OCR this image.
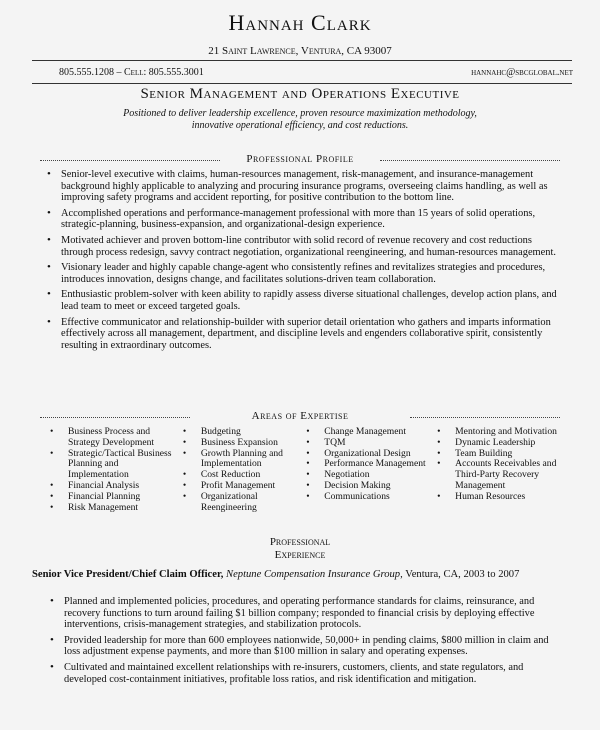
Hannah Clark
21 Saint Lawrence, Ventura, CA 93007
805.555.1208 – Cell: 805.555.3001	hannahc@sbcglobal.net
Senior Management and Operations Executive
Positioned to deliver leadership excellence, proven resource maximization methodology,
innovative operational efficiency, and cost reductions.
Professional Profile
• Senior-level executive with claims, human-resources management, risk-management, and insurance-management background highly applicable to analyzing and procuring insurance programs, overseeing claims handling, as well as improving safety programs and accident reporting, for positive contribution to the bottom line.
• Accomplished operations and performance-management professional with more than 15 years of solid operations, strategic-planning, business-expansion, and organizational-design experience.
• Motivated achiever and proven bottom-line contributor with solid record of revenue recovery and cost reductions through process redesign, savvy contract negotiation, organizational reengineering, and human-resources management.
• Visionary leader and highly capable change-agent who consistently refines and revitalizes strategies and procedures, introduces innovation, designs change, and facilitates solutions-driven team collaboration.
• Enthusiastic problem-solver with keen ability to rapidly assess diverse situational challenges, develop action plans, and lead team to meet or exceed targeted goals.
• Effective communicator and relationship-builder with superior detail orientation who gathers and imparts information effectively across all management, department, and discipline levels and engenders collaborative spirit, consistently resulting in extraordinary outcomes.
Areas of Expertise
• Business Process and Strategy Development
• Strategic/Tactical Business Planning and Implementation
• Financial Analysis
• Financial Planning
• Risk Management
• Budgeting
• Business Expansion
• Growth Planning and Implementation
• Cost Reduction
• Profit Management
• Organizational Reengineering
• Change Management
• TQM
• Organizational Design
• Performance Management
• Negotiation
• Decision Making
• Communications
• Mentoring and Motivation
• Dynamic Leadership
• Team Building
• Accounts Receivables and Third-Party Recovery Management
• Human Resources
Professional
Experience
Senior Vice President/Chief Claim Officer, Neptune Compensation Insurance Group, Ventura, CA, 2003 to 2007
• Planned and implemented policies, procedures, and operating performance standards for claims, reinsurance, and recovery functions to turn around failing $1 billion company; responded to financial crisis by deploying effective interventions, crisis-management strategies, and stabilization protocols.
• Provided leadership for more than 600 employees nationwide, 50,000+ in pending claims, $800 million in claim and loss adjustment expense payments, and more than $100 million in salary and operating expenses.
• Cultivated and maintained excellent relationships with re-insurers, customers, clients, and state regulators, and developed cost-containment initiatives, profitable loss ratios, and risk identification and mitigation.
